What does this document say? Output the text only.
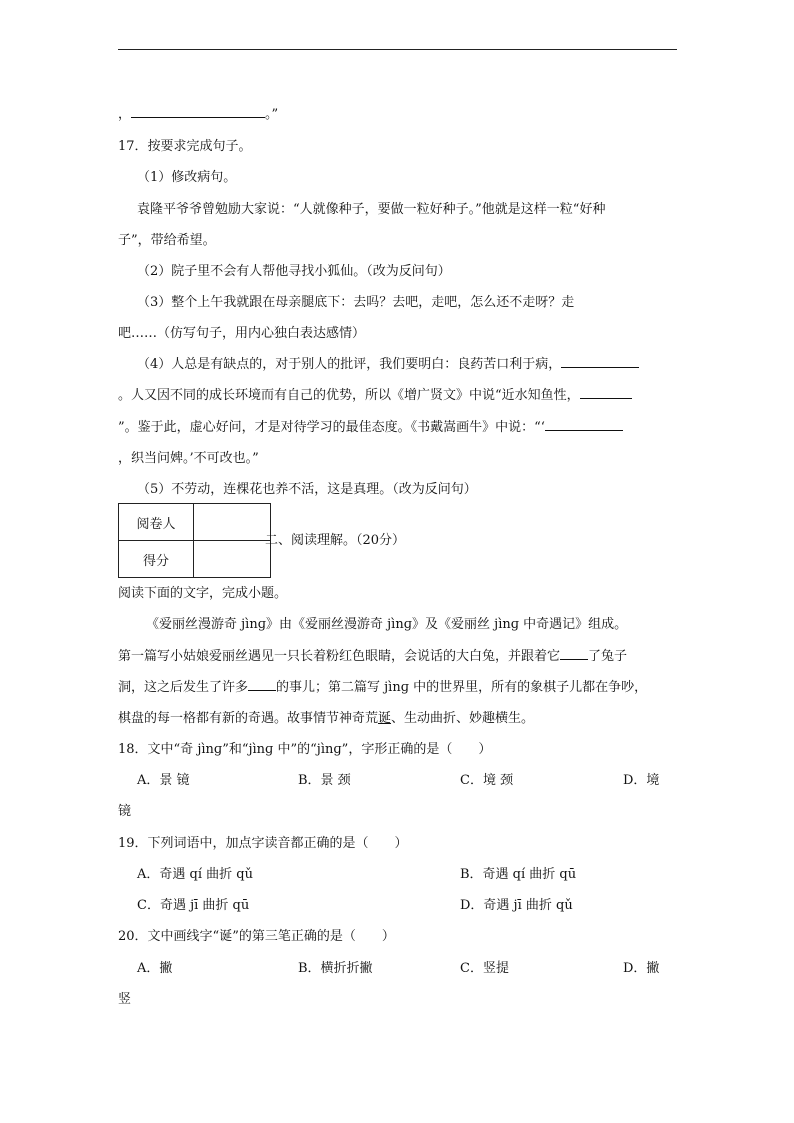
，	。”
17．按要求完成句子。
（1）修改病句。
袁隆平爷爷曾勉励大家说：“人就像种子，要做一粒好种子。”他就是这样一粒“好种
子”，带给希望。
（2）院子里不会有人帮他寻找小狐仙。（改为反问句）
（3）整个上午我就跟在母亲腿底下：去吗？去吧，走吧，怎么还不走呀？走
吧……（仿写句子，用内心独白表达感情）
（4）人总是有缺点的，对于别人的批评，我们要明白：良药苦口利于病，
。人又因不同的成长环境而有自己的优势，所以《增广贤文》中说“近水知鱼性，
”。鉴于此，虚心好问，才是对待学习的最佳态度。《书戴嵩画牛》中说：“‘
，织当问婢。’不可改也。”
（5）不劳动，连棵花也养不活，这是真理。（改为反问句）
阅卷人	
得分	
二、阅读理解。（20分）
阅读下面的文字，完成小题。
《爱丽丝漫游奇 jìnɡ》由《爱丽丝漫游奇 jìnɡ》及《爱丽丝 jìnɡ 中奇遇记》组成。
第一篇写小姑娘爱丽丝遇见一只长着粉红色眼睛，会说话的大白兔，并跟着它 了兔子
洞，这之后发生了许多 的事儿；第二篇写 jìnɡ 中的世界里，所有的象棋子儿都在争吵，
棋盘的每一格都有新的奇遇。故事情节神奇荒诞、生动曲折、妙趣横生。
18．文中“奇 jìnɡ”和“jìnɡ 中”的“jìnɡ”，字形正确的是（　　）
A．景 镜	B．景 颈	C．境 颈	D．境
镜
19．下列词语中，加点字读音都正确的是（　　）
A．奇遇 qí 曲折 qǔ	B．奇遇 qí 曲折 qū
C．奇遇 jī 曲折 qū	D．奇遇 jī 曲折 qǔ
20．文中画线字“诞”的第三笔正确的是（　　）
A．撇	B．横折折撇	C．竖提	D．撇
竖
